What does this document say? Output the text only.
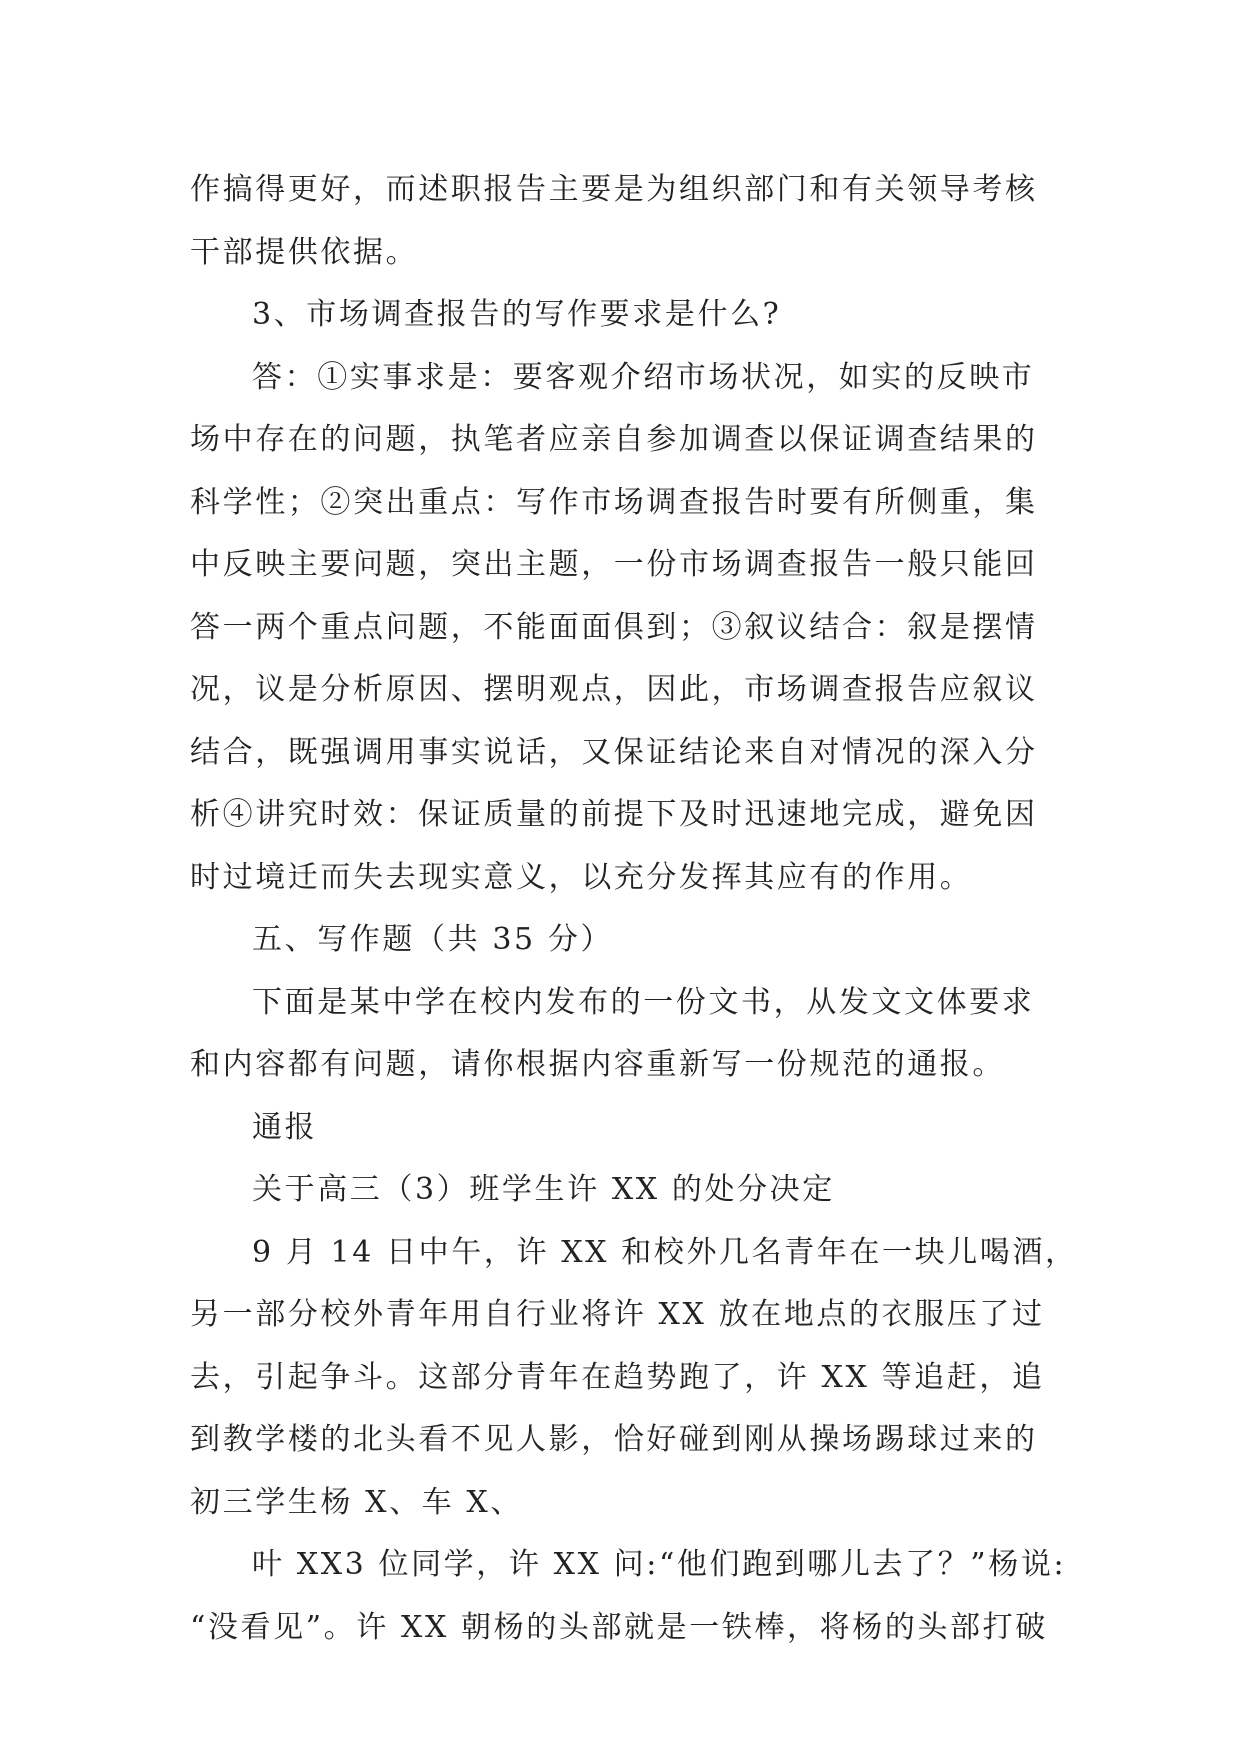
作搞得更好，而述职报告主要是为组织部门和有关领导考核
干部提供依据。
3、市场调查报告的写作要求是什么?
答：①实事求是：要客观介绍市场状况，如实的反映市
场中存在的问题，执笔者应亲自参加调查以保证调查结果的
科学性；②突出重点：写作市场调查报告时要有所侧重，集
中反映主要问题，突出主题，一份市场调查报告一般只能回
答一两个重点问题，不能面面俱到；③叙议结合：叙是摆情
况，议是分析原因、摆明观点，因此，市场调查报告应叙议
结合，既强调用事实说话，又保证结论来自对情况的深入分
析④讲究时效：保证质量的前提下及时迅速地完成，避免因
时过境迁而失去现实意义，以充分发挥其应有的作用。
五、写作题（共 35 分）
下面是某中学在校内发布的一份文书，从发文文体要求
和内容都有问题，请你根据内容重新写一份规范的通报。
通报
关于高三（3）班学生许 XX 的处分决定
9 月 14 日中午，许 XX 和校外几名青年在一块儿喝酒，
另一部分校外青年用自行业将许 XX 放在地点的衣服压了过
去，引起争斗。这部分青年在趋势跑了，许 XX 等追赶，追
到教学楼的北头看不见人影，恰好碰到刚从操场踢球过来的
初三学生杨 X、车 X、
叶 XX3 位同学，许 XX 问:“他们跑到哪儿去了？”杨说:
“没看见”。许 XX 朝杨的头部就是一铁棒，将杨的头部打破
